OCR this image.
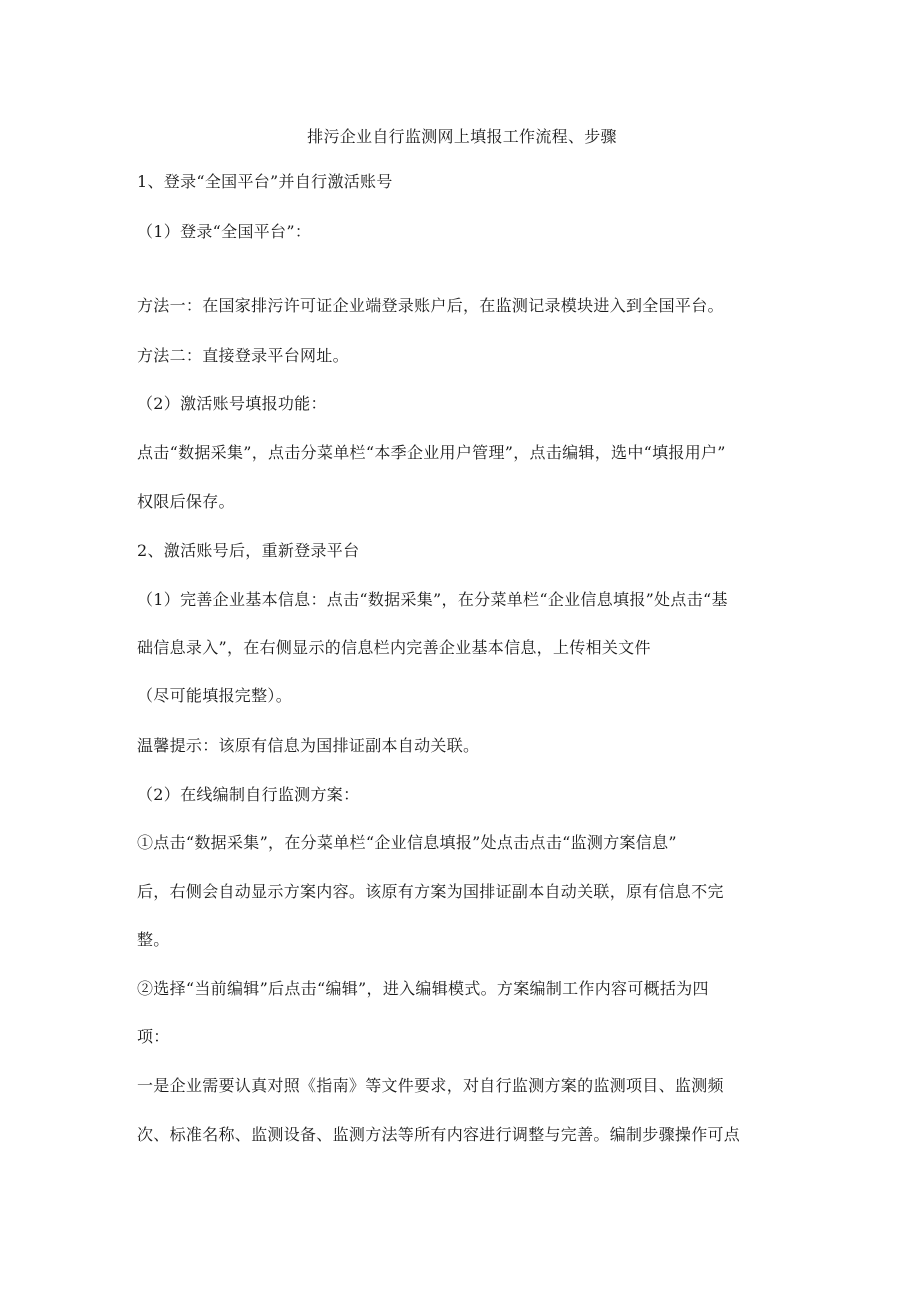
排污企业自行监测网上填报工作流程、步骤
1、登录“全国平台”并自行激活账号
（1）登录“全国平台”：
方法一：在国家排污许可证企业端登录账户后，在监测记录模块进入到全国平台。
方法二：直接登录平台网址。
（2）激活账号填报功能：
点击“数据采集”，点击分菜单栏“本季企业用户管理”，点击编辑，选中“填报用户”
权限后保存。
2、激活账号后，重新登录平台
（1）完善企业基本信息：点击“数据采集”，在分菜单栏“企业信息填报”处点击“基
础信息录入”，在右侧显示的信息栏内完善企业基本信息，上传相关文件
（尽可能填报完整）。
温馨提示：该原有信息为国排证副本自动关联。
（2）在线编制自行监测方案：
①点击“数据采集”，在分菜单栏“企业信息填报”处点击点击“监测方案信息”
后，右侧会自动显示方案内容。该原有方案为国排证副本自动关联，原有信息不完
整。
②选择“当前编辑”后点击“编辑”，进入编辑模式。方案编制工作内容可概括为四
项：
一是企业需要认真对照《指南》等文件要求，对自行监测方案的监测项目、监测频
次、标准名称、监测设备、监测方法等所有内容进行调整与完善。编制步骤操作可点
